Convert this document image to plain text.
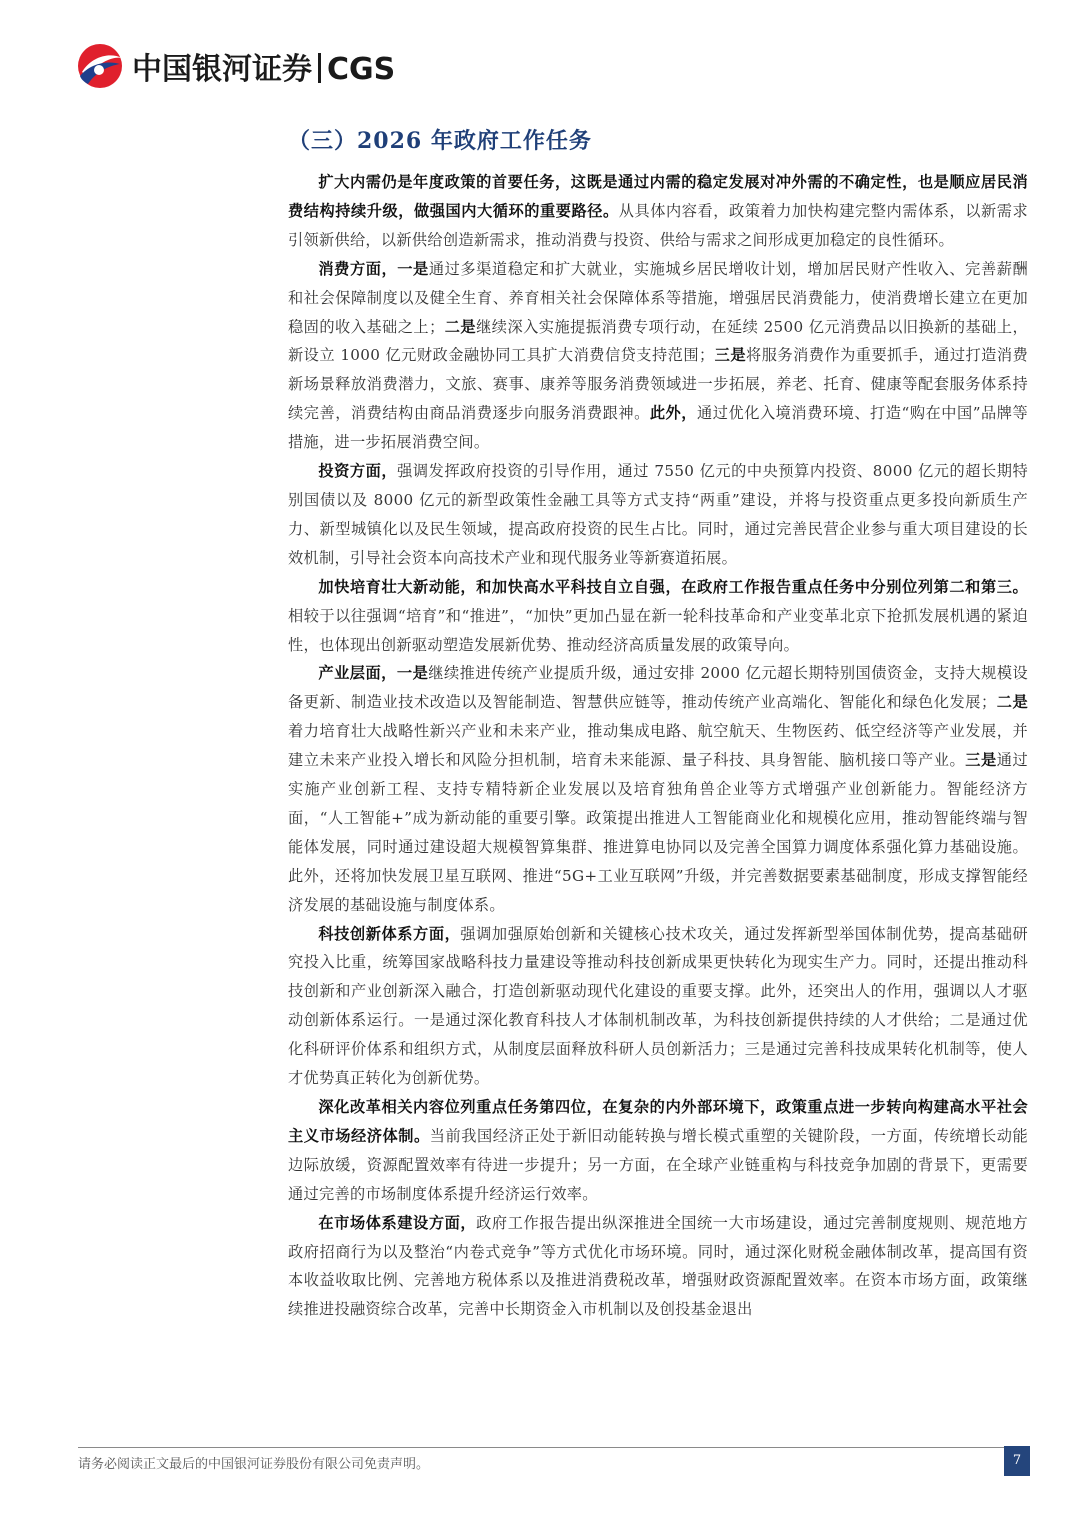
中国银河证券 CGS
（三）2026 年政府工作任务

扩大内需仍是年度政策的首要任务，这既是通过内需的稳定发展对冲外需的不确定性，也是顺应居民消费结构持续升级，做强国内大循环的重要路径。从具体内容看，政策着力加快构建完整内需体系，以新需求引领新供给，以新供给创造新需求，推动消费与投资、供给与需求之间形成更加稳定的良性循环。

消费方面，一是通过多渠道稳定和扩大就业，实施城乡居民增收计划，增加居民财产性收入、完善薪酬和社会保障制度以及健全生育、养育相关社会保障体系等措施，增强居民消费能力，使消费增长建立在更加稳固的收入基础之上；二是继续深入实施提振消费专项行动，在延续 2500 亿元消费品以旧换新的基础上，新设立 1000 亿元财政金融协同工具扩大消费信贷支持范围；三是将服务消费作为重要抓手，通过打造消费新场景释放消费潜力，文旅、赛事、康养等服务消费领域进一步拓展，养老、托育、健康等配套服务体系持续完善，消费结构由商品消费逐步向服务消费跟神。此外，通过优化入境消费环境、打造“购在中国”品牌等措施，进一步拓展消费空间。

投资方面，强调发挥政府投资的引导作用，通过 7550 亿元的中央预算内投资、8000 亿元的超长期特别国债以及 8000 亿元的新型政策性金融工具等方式支持“两重”建设，并将与投资重点更多投向新质生产力、新型城镇化以及民生领域，提高政府投资的民生占比。同时，通过完善民营企业参与重大项目建设的长效机制，引导社会资本向高技术产业和现代服务业等新赛道拓展。

加快培育壮大新动能，和加快高水平科技自立自强，在政府工作报告重点任务中分别位列第二和第三。相较于以往强调“培育”和“推进”，“加快”更加凸显在新一轮科技革命和产业变革北京下抢抓发展机遇的紧迫性，也体现出创新驱动塑造发展新优势、推动经济高质量发展的政策导向。

产业层面，一是继续推进传统产业提质升级，通过安排 2000 亿元超长期特别国债资金，支持大规模设备更新、制造业技术改造以及智能制造、智慧供应链等，推动传统产业高端化、智能化和绿色化发展；二是着力培育壮大战略性新兴产业和未来产业，推动集成电路、航空航天、生物医药、低空经济等产业发展，并建立未来产业投入增长和风险分担机制，培育未来能源、量子科技、具身智能、脑机接口等产业。三是通过实施产业创新工程、支持专精特新企业发展以及培育独角兽企业等方式增强产业创新能力。智能经济方面，“人工智能+”成为新动能的重要引擎。政策提出推进人工智能商业化和规模化应用，推动智能终端与智能体发展，同时通过建设超大规模智算集群、推进算电协同以及完善全国算力调度体系强化算力基础设施。此外，还将加快发展卫星互联网、推进“5G+工业互联网”升级，并完善数据要素基础制度，形成支撑智能经济发展的基础设施与制度体系。

科技创新体系方面，强调加强原始创新和关键核心技术攻关，通过发挥新型举国体制优势，提高基础研究投入比重，统筹国家战略科技力量建设等推动科技创新成果更快转化为现实生产力。同时，还提出推动科技创新和产业创新深入融合，打造创新驱动现代化建设的重要支撑。此外，还突出人的作用，强调以人才驱动创新体系运行。一是通过深化教育科技人才体制机制改革，为科技创新提供持续的人才供给；二是通过优化科研评价体系和组织方式，从制度层面释放科研人员创新活力；三是通过完善科技成果转化机制等，使人才优势真正转化为创新优势。

深化改革相关内容位列重点任务第四位，在复杂的内外部环境下，政策重点进一步转向构建高水平社会主义市场经济体制。当前我国经济正处于新旧动能转换与增长模式重塑的关键阶段，一方面，传统增长动能边际放缓，资源配置效率有待进一步提升；另一方面，在全球产业链重构与科技竞争加剧的背景下，更需要通过完善的市场制度体系提升经济运行效率。

在市场体系建设方面，政府工作报告提出纵深推进全国统一大市场建设，通过完善制度规则、规范地方政府招商行为以及整治“内卷式竞争”等方式优化市场环境。同时，通过深化财税金融体制改革，提高国有资本收益收取比例、完善地方税体系以及推进消费税改革，增强财政资源配置效率。在资本市场方面，政策继续推进投融资综合改革，完善中长期资金入市机制以及创投基金退出

请务必阅读正文最后的中国银河证券股份有限公司免责声明。	7
